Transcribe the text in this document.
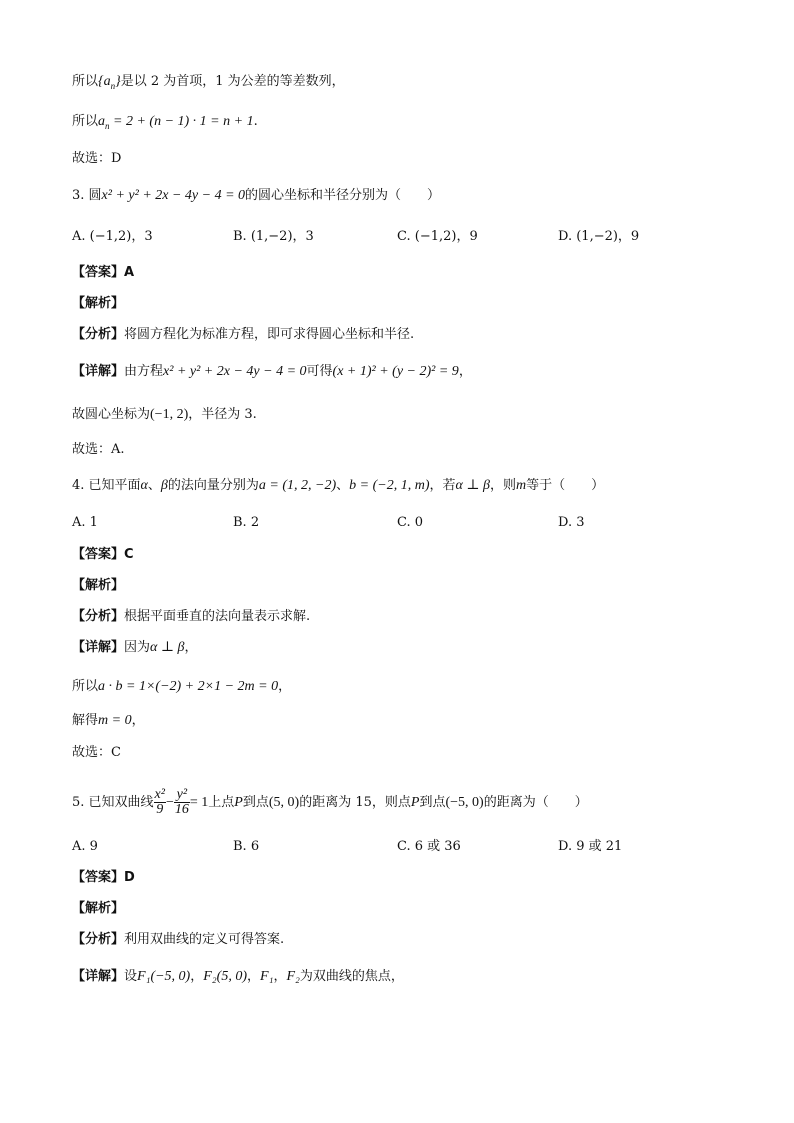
所以$\{a_n\}$是以 2 为首项，1 为公差的等差数列，
所以$a_n = 2 + (n - 1) \cdot 1 = n + 1$.
故选：D
3. 圆x² + y² + 2x − 4y − 4 = 0的圆心坐标和半径分别为（　　）
A. (−1,2)，3	B. (1,−2)，3	C. (−1,2)，9	D. (1,−2)，9
【答案】A
【解析】
【分析】将圆方程化为标准方程，即可求得圆心坐标和半径.
【详解】由方程x² + y² + 2x − 4y − 4 = 0可得(x + 1)² + (y − 2)² = 9，
故圆心坐标为(−1, 2)，半径为 3.
故选：A.
4. 已知平面α、β的法向量分别为a = (1, 2, −2)、b = (−2, 1, m)，若α ⊥ β，则m等于（　　）
A. 1	B. 2	C. 0	D. 3
【答案】C
【解析】
【分析】根据平面垂直的法向量表示求解.
【详解】因为α ⊥ β，
所以a · b = 1×(−2) + 2×1 − 2m = 0，
解得m = 0，
故选：C
5. 已知双曲线 $\frac{\text{x²}}{9} - \frac{\text{y²}}{16} = 1$上点P到点(5, 0)的距离为 15，则点P到点(−5, 0)的距离为（　　）
A. 9	B. 6	C. 6 或 36	D. 9 或 21
【答案】D
【解析】
【分析】利用双曲线的定义可得答案.
【详解】设F₁(−5, 0)，F₂(5, 0)，F₁，F₂为双曲线的焦点，
